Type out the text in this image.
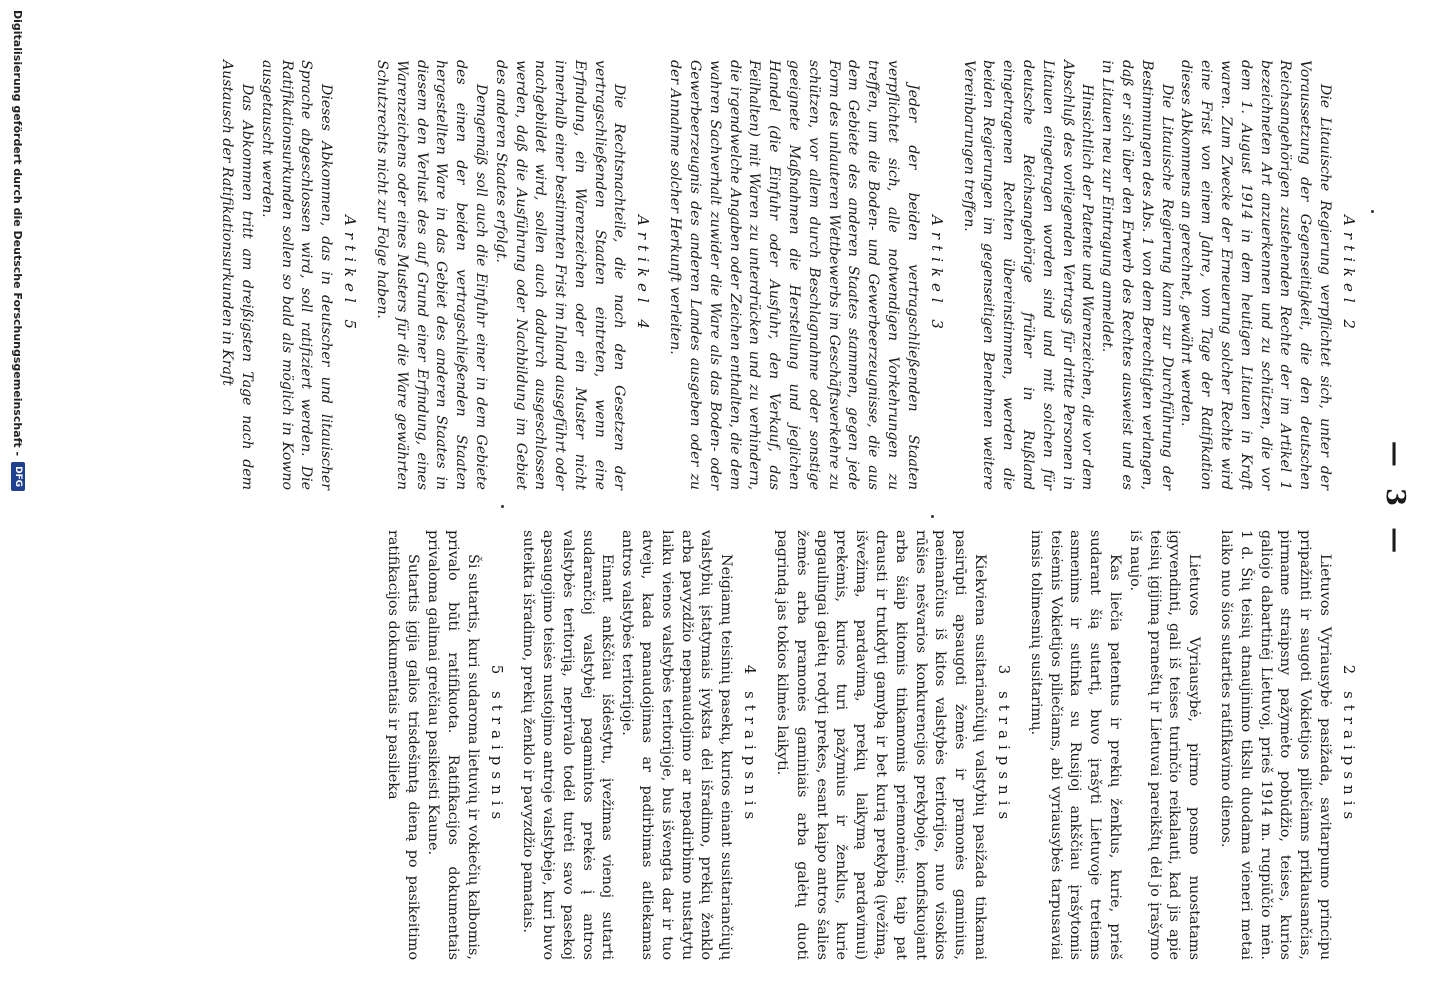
— 3 —
2 straipsnis

Lietuvos Vyriausybė pasižada, savitarpumo principu pripažinti ir saugoti Vokietijos piliečiams priklausančias, pirmame straipsny pažymėto pobūdžio, teises, kurios galiojo dabartinėj Lietuvoj, prieš 1914 m. rugpiūčio mėn. 1 d. Šių teisių atnaujinimo tikslu duodama vieneri metai laiko nuo šios sutarties ratifikavimo dienos.

Lietuvos Vyriausybė, pirmo posmo nuostatams įgyvendinti, gali iš teises turinčio reikalauti, kad jis apie teisių įgijimą praneštų ir Lietuvai pareikštų dėl jo įrašymo iš naujo.

Kas liečia patentus ir prekių ženklus, kurie, prieš sudarant šią sutartį, buvo įrašyti Lietuvoje tretiems asmenims ir sutinka su Rusijoj ankščiau įrašytomis teisėmis Vokietijos piliečiams, abi vyriausybės tarpusaviai imsis tolimesnių susitarimų.

3 straipsnis

Kiekviena susitariančiųjų valstybių pasižada tinkamai pasirūpti apsaugoti žemės ir pramonės gaminius, paeinančius iš kitos valstybės teritorijos, nuo visokios rūšies nešvarios konkurencijos prekyboje, konfiskuojant arba šiaip kitomis tinkamomis priemonėmis; taip pat drausti ir trukdyti gamybą ir bet kurią prekybą (įvežimą, išvežimą, pardavimą, prekių laikymą pardavimui) prekėmis, kurios turi pažymius ir ženklus, kurie apgaulingai galėtų rodyti prekes, esant kaipo antros šalies žemės arba pramonės gaminiais arba galėtų duoti pagrindą jas tokios kilmės laikyti.

4 straipsnis

Neigiamų teisinių pasekų, kurios einant susitariančiųjų valstybių įstatymais įvyksta dėl išradimo, prekių ženklo arba pavyzdžio nepanaudojimo ar nepadirbimo nustatytu laiku vienos valstybės teritorijoje, bus išvengta dar ir tuo atveju, kada panaudojimas ar padirbimas atliekamas antros valstybės teritorijoje.

Einant ankščiau išdėstytu, įvežimas vienoj sutarti sudarančioj valstybėj pagamintos prekės į antros valstybės teritoriją, neprivalo todėl turėti savo pasekoj apsaugojimo teisės nustojimo antroje valstybėje, kuri buvo suteikta išradimo, prekių ženklo ir pavyzdžio pamatais.

5 straipsnis

Ši sutartis, kuri sudaroma lietuvių ir vokiečių kalbomis, privalo būti ratifikuota. Ratifikacijos dokumentais privaloma galimai greičiau pasikeisti Kaune.

Sutartis įgija galios trisdešimtą dieną po pasikeitimo ratifikacijos dokumentais ir pasilieka

Artikel 2

Die Litauische Regierung verpflichtet sich, unter der Voraussetzung der Gegenseitigkeit, die den deutschen Reichsangehörigen zustehenden Rechte der im Artikel 1 bezeichneten Art anzuerkennen und zu schützen, die vor dem 1. August 1914 in dem heutigen Litauen in Kraft waren. Zum Zwecke der Erneuerung solcher Rechte wird eine Frist von einem Jahre, vom Tage der Ratifikation dieses Abkommens an gerechnet, gewährt werden.

Die Litauische Regierung kann zur Durchführung der Bestimmungen des Abs. 1 von dem Berechtigten verlangen, daß er sich über den Erwerb des Rechtes ausweist und es in Litauen neu zur Eintragung anmeldet.

Hinsichtlich der Patente und Warenzeichen, die vor dem Abschluß des vorliegenden Vertrags für dritte Personen in Litauen eingetragen worden sind und mit solchen für deutsche Reichsangehörige früher in Rußland eingetragenen Rechten übereinstimmen, werden die beiden Regierungen im gegenseitigen Benehmen weitere Vereinbarungen treffen.

Artikel 3

Jeder der beiden vertragschließenden Staaten verpflichtet sich, alle notwendigen Vorkehrungen zu treffen, um die Boden- und Gewerbeerzeugnisse, die aus dem Gebiete des anderen Staates stammen, gegen jede Form des unlauteren Wettbewerbs im Geschäftsverkehre zu schützen, vor allem durch Beschlagnahme oder sonstige geeignete Maßnahmen die Herstellung und jeglichen Handel (die Einfuhr oder Ausfuhr, den Verkauf, das Feilhalten) mit Waren zu unterdrücken und zu verhindern, die irgendwelche Angaben oder Zeichen enthalten, die dem wahren Sachverhalt zuwider die Ware als das Boden- oder Gewerbeerzeugnis des anderen Landes ausgeben oder zu der Annahme solcher Herkunft verleiten.

Artikel 4

Die Rechtsnachteile, die nach den Gesetzen der vertragschließenden Staaten eintreten, wenn eine Erfindung, ein Warenzeichen oder ein Muster nicht innerhalb einer bestimmten Frist im Inland ausgeführt oder nachgebildet wird, sollen auch dadurch ausgeschlossen werden, daß die Ausführung oder Nachbildung im Gebiet des anderen Staates erfolgt.

Demgemäß soll auch die Einfuhr einer in dem Gebiete des einen der beiden vertragschließenden Staaten hergestellten Ware in das Gebiet des anderen Staates in diesem den Verlust des auf Grund einer Erfindung, eines Warenzeichens oder eines Musters für die Ware gewährten Schutzrechts nicht zur Folge haben.

Artikel 5

Dieses Abkommen, das in deutscher und litauischer Sprache abgeschlossen wird, soll ratifiziert werden. Die Ratifikationsurkunden sollen so bald als möglich in Kowno ausgetauscht werden.

Das Abkommen tritt am dreißigsten Tage nach dem Austausch der Ratifikationsurkunden in Kraft

Digitalisierung gefördert durch die Deutsche Forschungsgemeinschaft -
DFG
